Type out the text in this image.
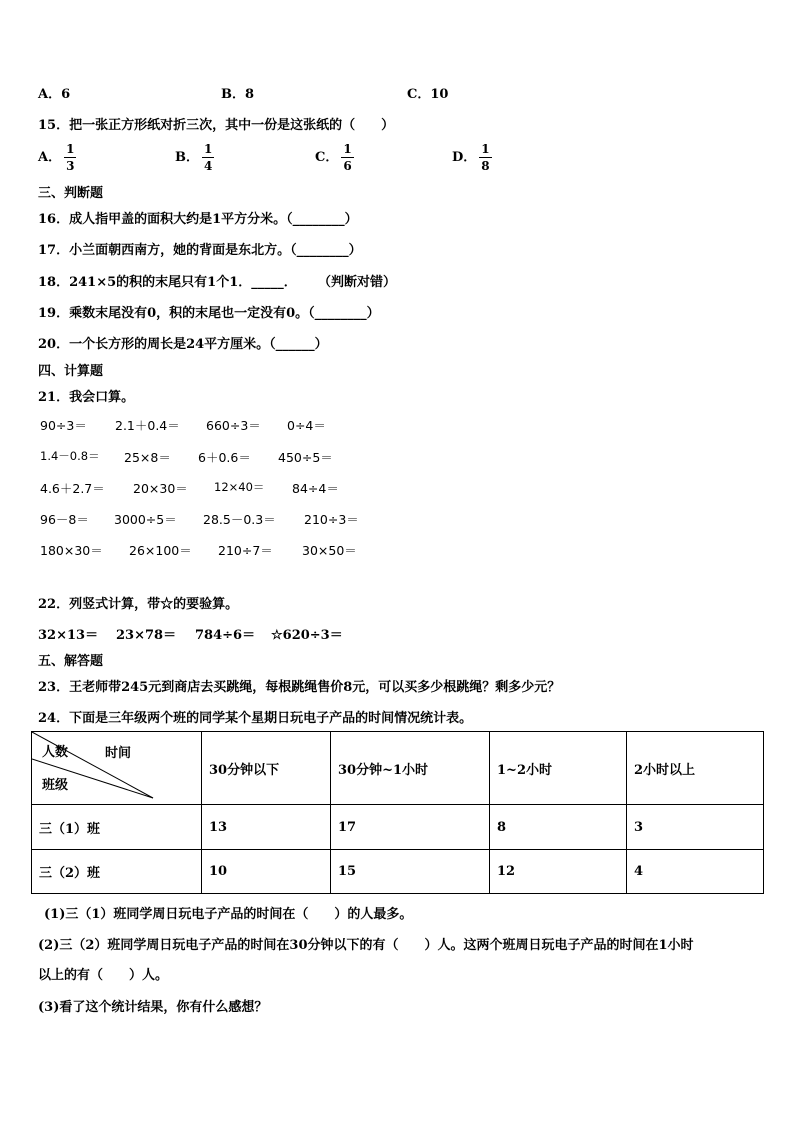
A．6	B．8	C．10
15．把一张正方形纸对折三次，其中一份是这张纸的（　　）
A． $\frac{1}{3}$	B． $\frac{1}{4}$	C． $\frac{1}{6}$	D． $\frac{1}{8}$
三、判断题
16．成人指甲盖的面积大约是1平方分米。（________）
17．小兰面朝西南方，她的背面是东北方。（________）
18．241×5的积的末尾只有1个1．_____． （判断对错）
19．乘数末尾没有0，积的末尾也一定没有0。（________）
20．一个长方形的周长是24平方厘米。（______）
四、计算题
21．我会口算。
90÷3＝ 2.1＋0.4＝ 660÷3＝ 0÷4＝
1.4－0.8＝ 25×8＝ 6＋0.6＝ 450÷5＝
4.6＋2.7＝ 20×30＝ 12×40＝ 84÷4＝
96－8＝ 3000÷5＝ 28.5－0.3＝ 210÷3＝
180×30＝ 26×100＝ 210÷7＝ 30×50＝
22．列竖式计算，带☆的要验算。
32×13＝ 23×78＝ 784÷6＝ ☆620÷3＝
五、解答题
23．王老师带245元到商店去买跳绳，每根跳绳售价8元，可以买多少根跳绳？剩多少元？
24．下面是三年级两个班的同学某个星期日玩电子产品的时间情况统计表。
人数 时间
班级	30分钟以下	30分钟~1小时	1~2小时	2小时以上
三（1）班	13	17	8	3
三（2）班	10	15	12	4
(1)三（1）班同学周日玩电子产品的时间在（　　）的人最多。
(2)三（2）班同学周日玩电子产品的时间在30分钟以下的有（　　）人。这两个班周日玩电子产品的时间在1小时
以上的有（　　）人。
(3)看了这个统计结果，你有什么感想？
